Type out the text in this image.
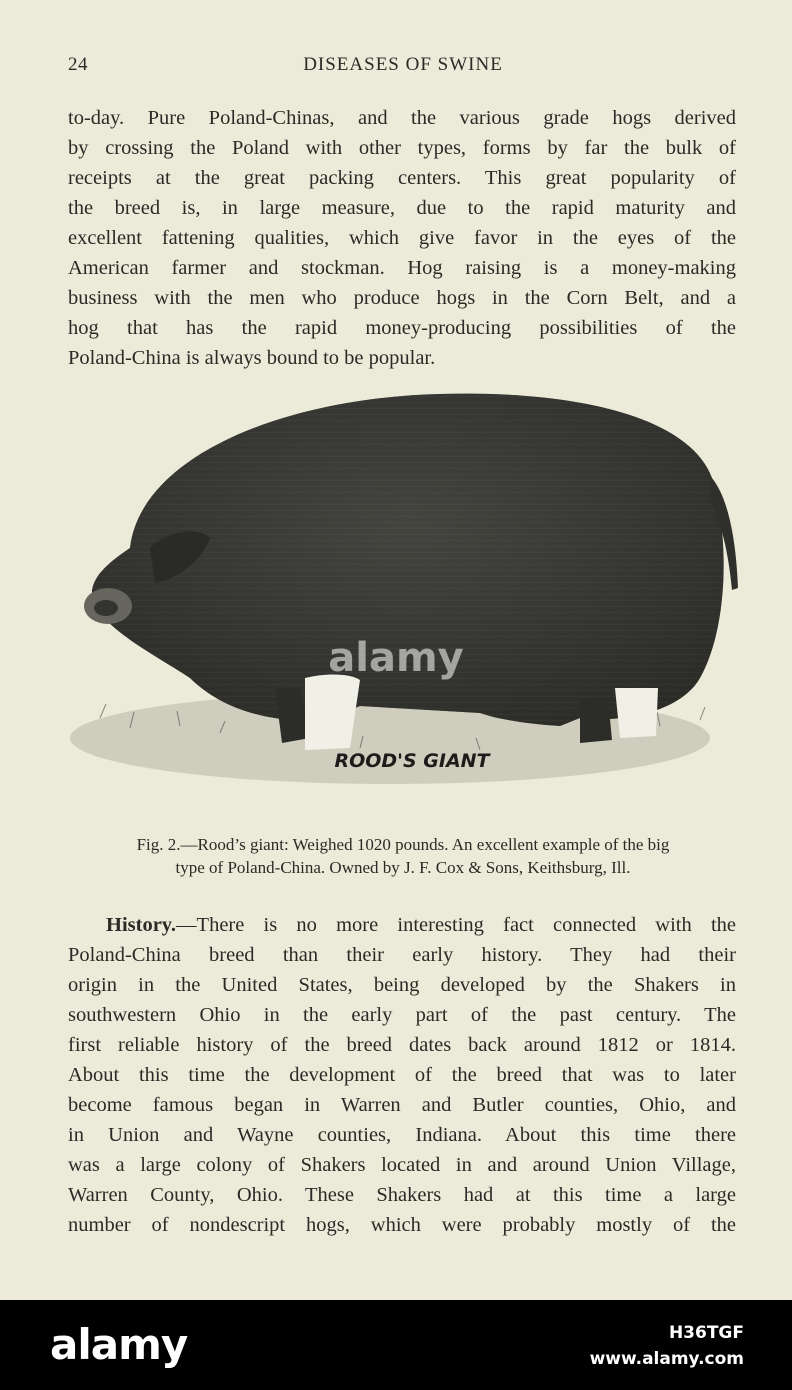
24	DISEASES OF SWINE
to-day. Pure Poland-Chinas, and the various grade hogs derived
by crossing the Poland with other types, forms by far the bulk of
receipts at the great packing centers. This great popularity of
the breed is, in large measure, due to the rapid maturity and
excellent fattening qualities, which give favor in the eyes of the
American farmer and stockman. Hog raising is a money-making
business with the men who produce hogs in the Corn Belt, and a
hog that has the rapid money-producing possibilities of the
Poland-China is always bound to be popular.
ROOD'S GIANT
alamy
Fig. 2.—Rood’s giant: Weighed 1020 pounds. An excellent example of the big
type of Poland-China. Owned by J. F. Cox & Sons, Keithsburg, Ill.
History.—There is no more interesting fact connected with the
Poland-China breed than their early history. They had their
origin in the United States, being developed by the Shakers in
southwestern Ohio in the early part of the past century. The
first reliable history of the breed dates back around 1812 or 1814.
About this time the development of the breed that was to later
become famous began in Warren and Butler counties, Ohio, and
in Union and Wayne counties, Indiana. About this time there
was a large colony of Shakers located in and around Union Village,
Warren County, Ohio. These Shakers had at this time a large
number of nondescript hogs, which were probably mostly of the
alamy	H36TGF
www.alamy.com
